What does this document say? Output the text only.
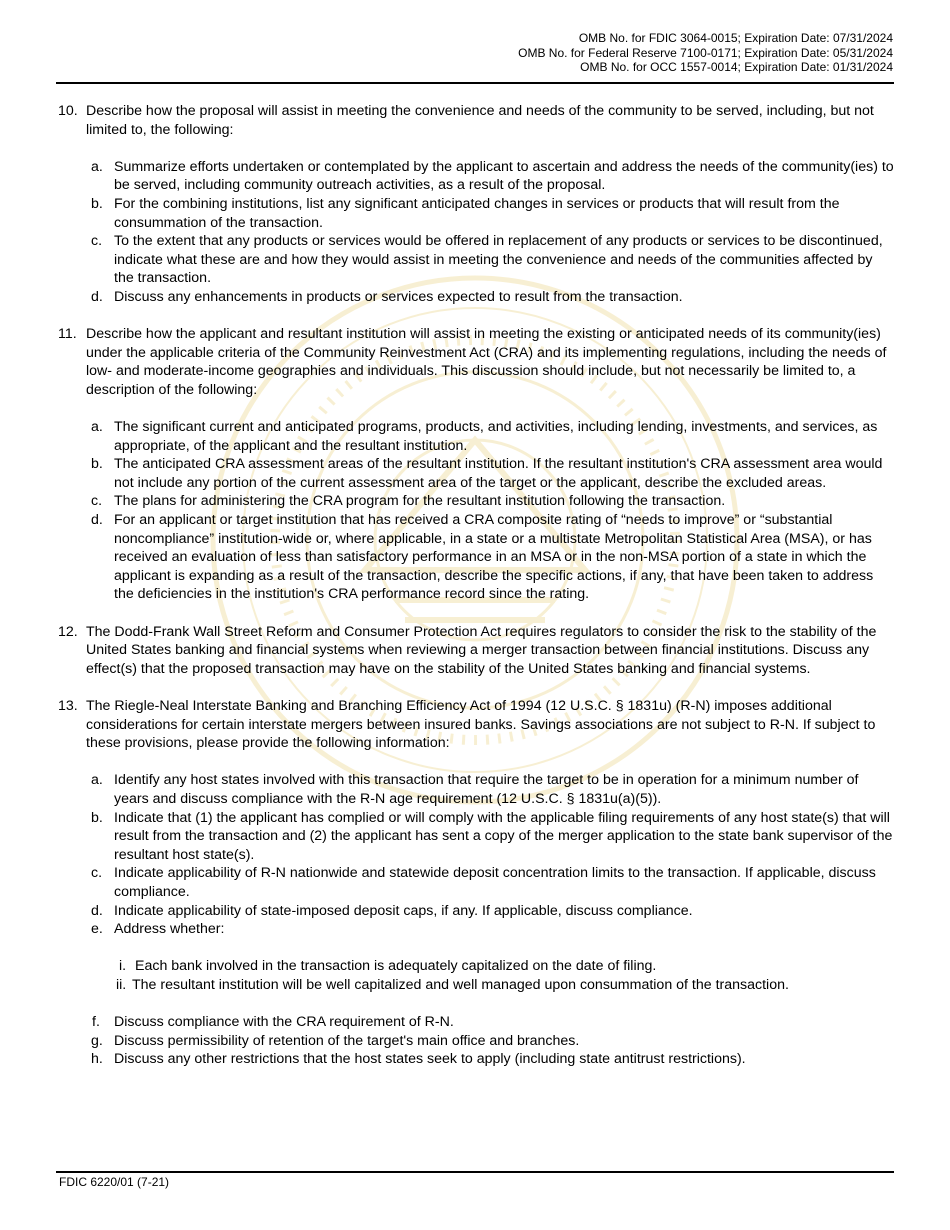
OMB No. for FDIC 3064-0015; Expiration Date: 07/31/2024
OMB No. for Federal Reserve 7100-0171; Expiration Date: 05/31/2024
OMB No. for OCC 1557-0014; Expiration Date: 01/31/2024
10. Describe how the proposal will assist in meeting the convenience and needs of the community to be served, including, but not limited to, the following:
a. Summarize efforts undertaken or contemplated by the applicant to ascertain and address the needs of the community(ies) to be served, including community outreach activities, as a result of the proposal.
b. For the combining institutions, list any significant anticipated changes in services or products that will result from the consummation of the transaction.
c. To the extent that any products or services would be offered in replacement of any products or services to be discontinued, indicate what these are and how they would assist in meeting the convenience and needs of the communities affected by the transaction.
d. Discuss any enhancements in products or services expected to result from the transaction.
11. Describe how the applicant and resultant institution will assist in meeting the existing or anticipated needs of its community(ies) under the applicable criteria of the Community Reinvestment Act (CRA) and its implementing regulations, including the needs of low- and moderate-income geographies and individuals. This discussion should include, but not necessarily be limited to, a description of the following:
a. The significant current and anticipated programs, products, and activities, including lending, investments, and services, as appropriate, of the applicant and the resultant institution.
b. The anticipated CRA assessment areas of the resultant institution. If the resultant institution's CRA assessment area would not include any portion of the current assessment area of the target or the applicant, describe the excluded areas.
c. The plans for administering the CRA program for the resultant institution following the transaction.
d. For an applicant or target institution that has received a CRA composite rating of “needs to improve” or “substantial noncompliance” institution-wide or, where applicable, in a state or a multistate Metropolitan Statistical Area (MSA), or has received an evaluation of less than satisfactory performance in an MSA or in the non-MSA portion of a state in which the applicant is expanding as a result of the transaction, describe the specific actions, if any, that have been taken to address the deficiencies in the institution's CRA performance record since the rating.
12. The Dodd-Frank Wall Street Reform and Consumer Protection Act requires regulators to consider the risk to the stability of the United States banking and financial systems when reviewing a merger transaction between financial institutions. Discuss any effect(s) that the proposed transaction may have on the stability of the United States banking and financial systems.
13. The Riegle-Neal Interstate Banking and Branching Efficiency Act of 1994 (12 U.S.C. § 1831u) (R-N) imposes additional considerations for certain interstate mergers between insured banks. Savings associations are not subject to R-N. If subject to these provisions, please provide the following information:
a. Identify any host states involved with this transaction that require the target to be in operation for a minimum number of years and discuss compliance with the R-N age requirement (12 U.S.C. § 1831u(a)(5)).
b. Indicate that (1) the applicant has complied or will comply with the applicable filing requirements of any host state(s) that will result from the transaction and (2) the applicant has sent a copy of the merger application to the state bank supervisor of the resultant host state(s).
c. Indicate applicability of R-N nationwide and statewide deposit concentration limits to the transaction. If applicable, discuss compliance.
d. Indicate applicability of state-imposed deposit caps, if any. If applicable, discuss compliance.
e. Address whether:
i. Each bank involved in the transaction is adequately capitalized on the date of filing.
ii. The resultant institution will be well capitalized and well managed upon consummation of the transaction.
f. Discuss compliance with the CRA requirement of R-N.
g. Discuss permissibility of retention of the target's main office and branches.
h. Discuss any other restrictions that the host states seek to apply (including state antitrust restrictions).
FDIC 6220/01 (7-21)
